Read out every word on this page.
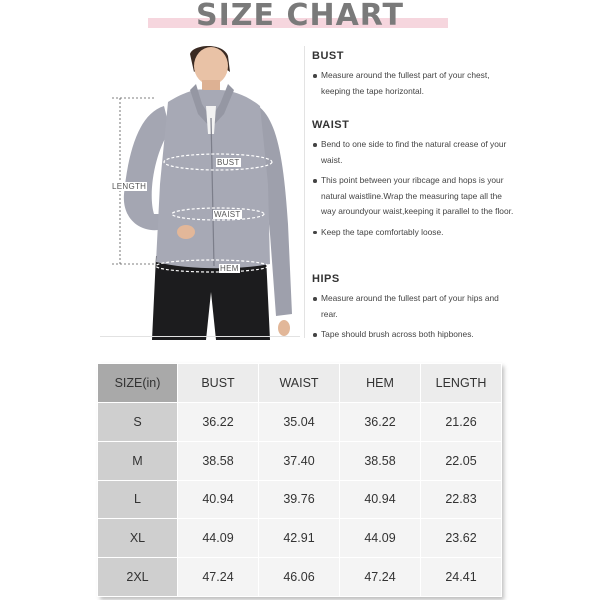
SIZE CHART
LENGTH
BUST
WAIST
HEM
BUST
Measure around the fullest part of your chest, keeping the tape horizontal.
WAIST
Bend to one side to find the natural crease of your waist.
This point between your ribcage and hops is your natural waistline.Wrap the measuring tape all the way aroundyour waist,keeping it parallel to the floor.
Keep the tape comfortably loose.
HIPS
Measure around the fullest part of your hips and rear.
Tape should brush across both hipbones.
SIZE(in)	BUST	WAIST	HEM	LENGTH
S	36.22	35.04	36.22	21.26
M	38.58	37.40	38.58	22.05
L	40.94	39.76	40.94	22.83
XL	44.09	42.91	44.09	23.62
2XL	47.24	46.06	47.24	24.41
